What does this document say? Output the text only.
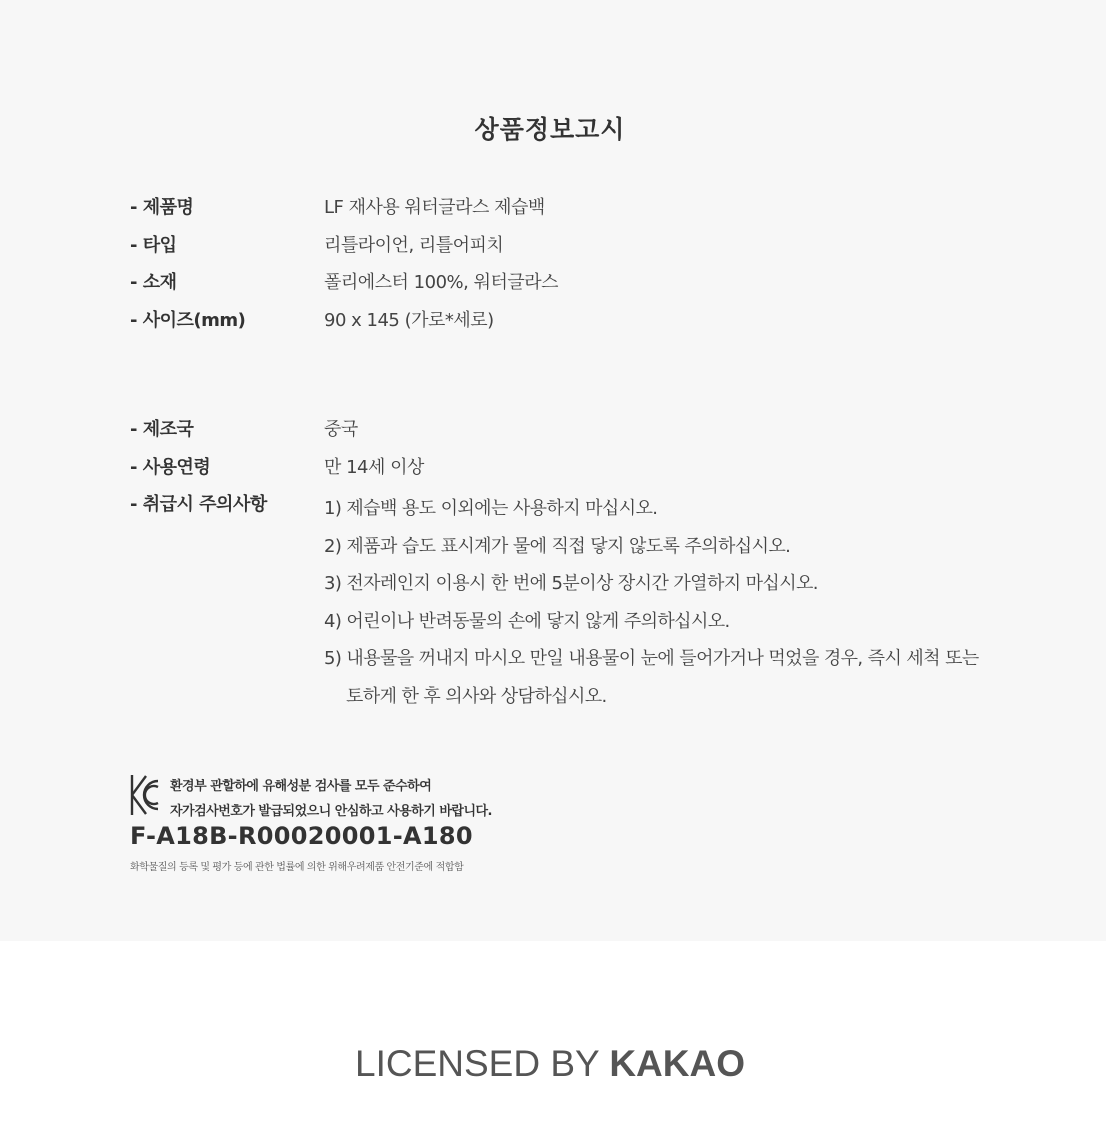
상품정보고시
- 제품명	LF 재사용 워터글라스 제습백
- 타입	리틀라이언, 리틀어피치
- 소재	폴리에스터 100%, 워터글라스
- 사이즈(mm)	90 x 145 (가로*세로)
- 제조국	중국
- 사용연령	만 14세 이상
- 취급시 주의사항	1) 제습백 용도 이외에는 사용하지 마십시오.
2) 제품과 습도 표시계가 물에 직접 닿지 않도록 주의하십시오.
3) 전자레인지 이용시 한 번에 5분이상 장시간 가열하지 마십시오.
4) 어린이나 반려동물의 손에 닿지 않게 주의하십시오.
5) 내용물을 꺼내지 마시오 만일 내용물이 눈에 들어가거나 먹었을 경우, 즉시 세척 또는
토하게 한 후 의사와 상담하십시오.
환경부 관할하에 유해성분 검사를 모두 준수하여
자가검사번호가 발급되었으니 안심하고 사용하기 바랍니다.
F-A18B-R00020001-A180
화학물질의 등록 및 평가 등에 관한 법률에 의한 위해우려제품 안전기준에 적합함
LICENSED BY KAKAO
